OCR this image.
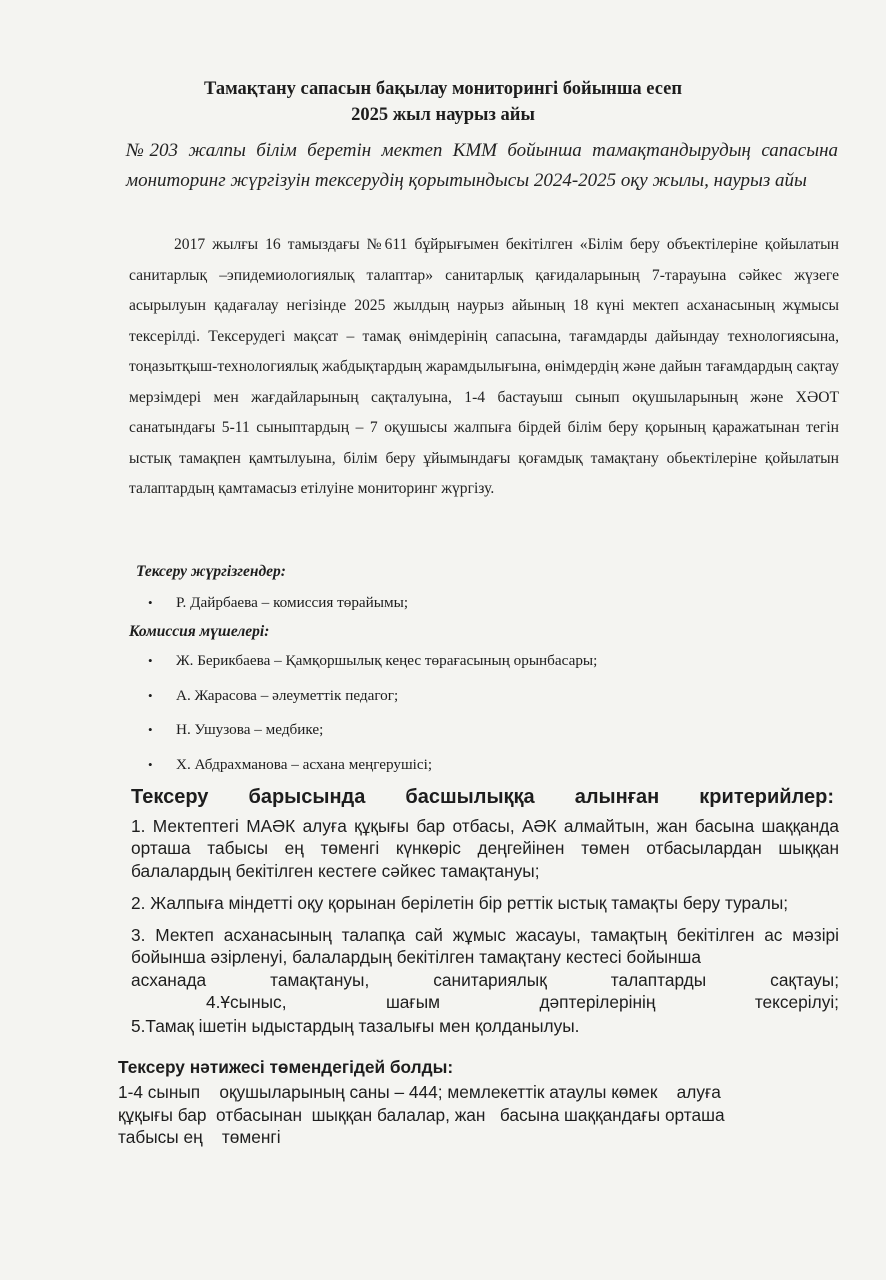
Тамақтану сапасын бақылау мониторингі бойынша есеп
2025 жыл наурыз айы
№203 жалпы білім беретін мектеп КММ бойынша тамақтандырудың сапасына мониторинг жүргізуін тексерудің қорытындысы 2024-2025 оқу жылы, наурыз айы
2017 жылғы 16 тамыздағы №611 бұйрығымен бекітілген «Білім беру объектілеріне қойылатын санитарлық –эпидемиологиялық талаптар» санитарлық қағидаларының 7-тарауына сәйкес жүзеге асырылуын қадағалау негізінде 2025 жылдың наурыз айының 18 күні мектеп асханасының жұмысы тексерілді. Тексерудегі мақсат – тамақ өнімдерінің сапасына, тағамдарды дайындау технологиясына, тоңазытқыш-технологиялық жабдықтардың жарамдылығына, өнімдердің және дайын тағамдардың сақтау мерзімдері мен жағдайларының сақталуына, 1-4 бастауыш сынып оқушыларының және ХӘОТ санатындағы 5-11 сыныптардың – 7 оқушысы жалпыға бірдей білім беру қорының қаражатынан тегін ыстық тамақпен қамтылуына, білім беру ұйымындағы қоғамдық тамақтану обьектілеріне қойылатын талаптардың қамтамасыз етілуіне мониторинг жүргізу.
Тексеру жүргізгендер:
• Р. Дайрбаева – комиссия төрайымы;
Комиссия мүшелері:
• Ж. Берикбаева – Қамқоршылық кеңес төрағасының орынбасары;
• А. Жарасова – әлеуметтік педагог;
• Н. Ушузова – медбике;
• Х. Абдрахманова – асхана меңгерушісі;
Тексеру барысында басшылыққа алынған критерийлер:

1. Мектептегі МАӘК алуға құқығы бар отбасы, АӘК алмайтын, жан басына шаққанда орташа табысы ең төменгі күнкөріс деңгейінен төмен отбасылардан шыққан балалардың бекітілген кестеге сәйкес тамақтануы;

2. Жалпыға міндетті оқу қорынан берілетін бір реттік ыстық тамақты беру туралы;

3. Мектеп асханасының талапқа сай жұмыс жасауы, тамақтың бекітілген ас мәзірі бойынша әзірленуі, балалардың бекітілген тамақтану кестесі бойынша

асханада тамақтануы, санитариялық талаптарды сақтауы;

4.Ұсыныс, шағым дәптерілерінің тексерілуі;

5.Тамақ ішетін ыдыстардың тазалығы мен қолданылуы.

Тексеру нәтижесі төмендегідей болды:

1-4 сынып    оқушыларының саны – 444; мемлекеттік атаулы көмек    алуға

құқығы бар  отбасынан  шыққан балалар, жан   басына шаққандағы орташа

табысы ең    төменгі
